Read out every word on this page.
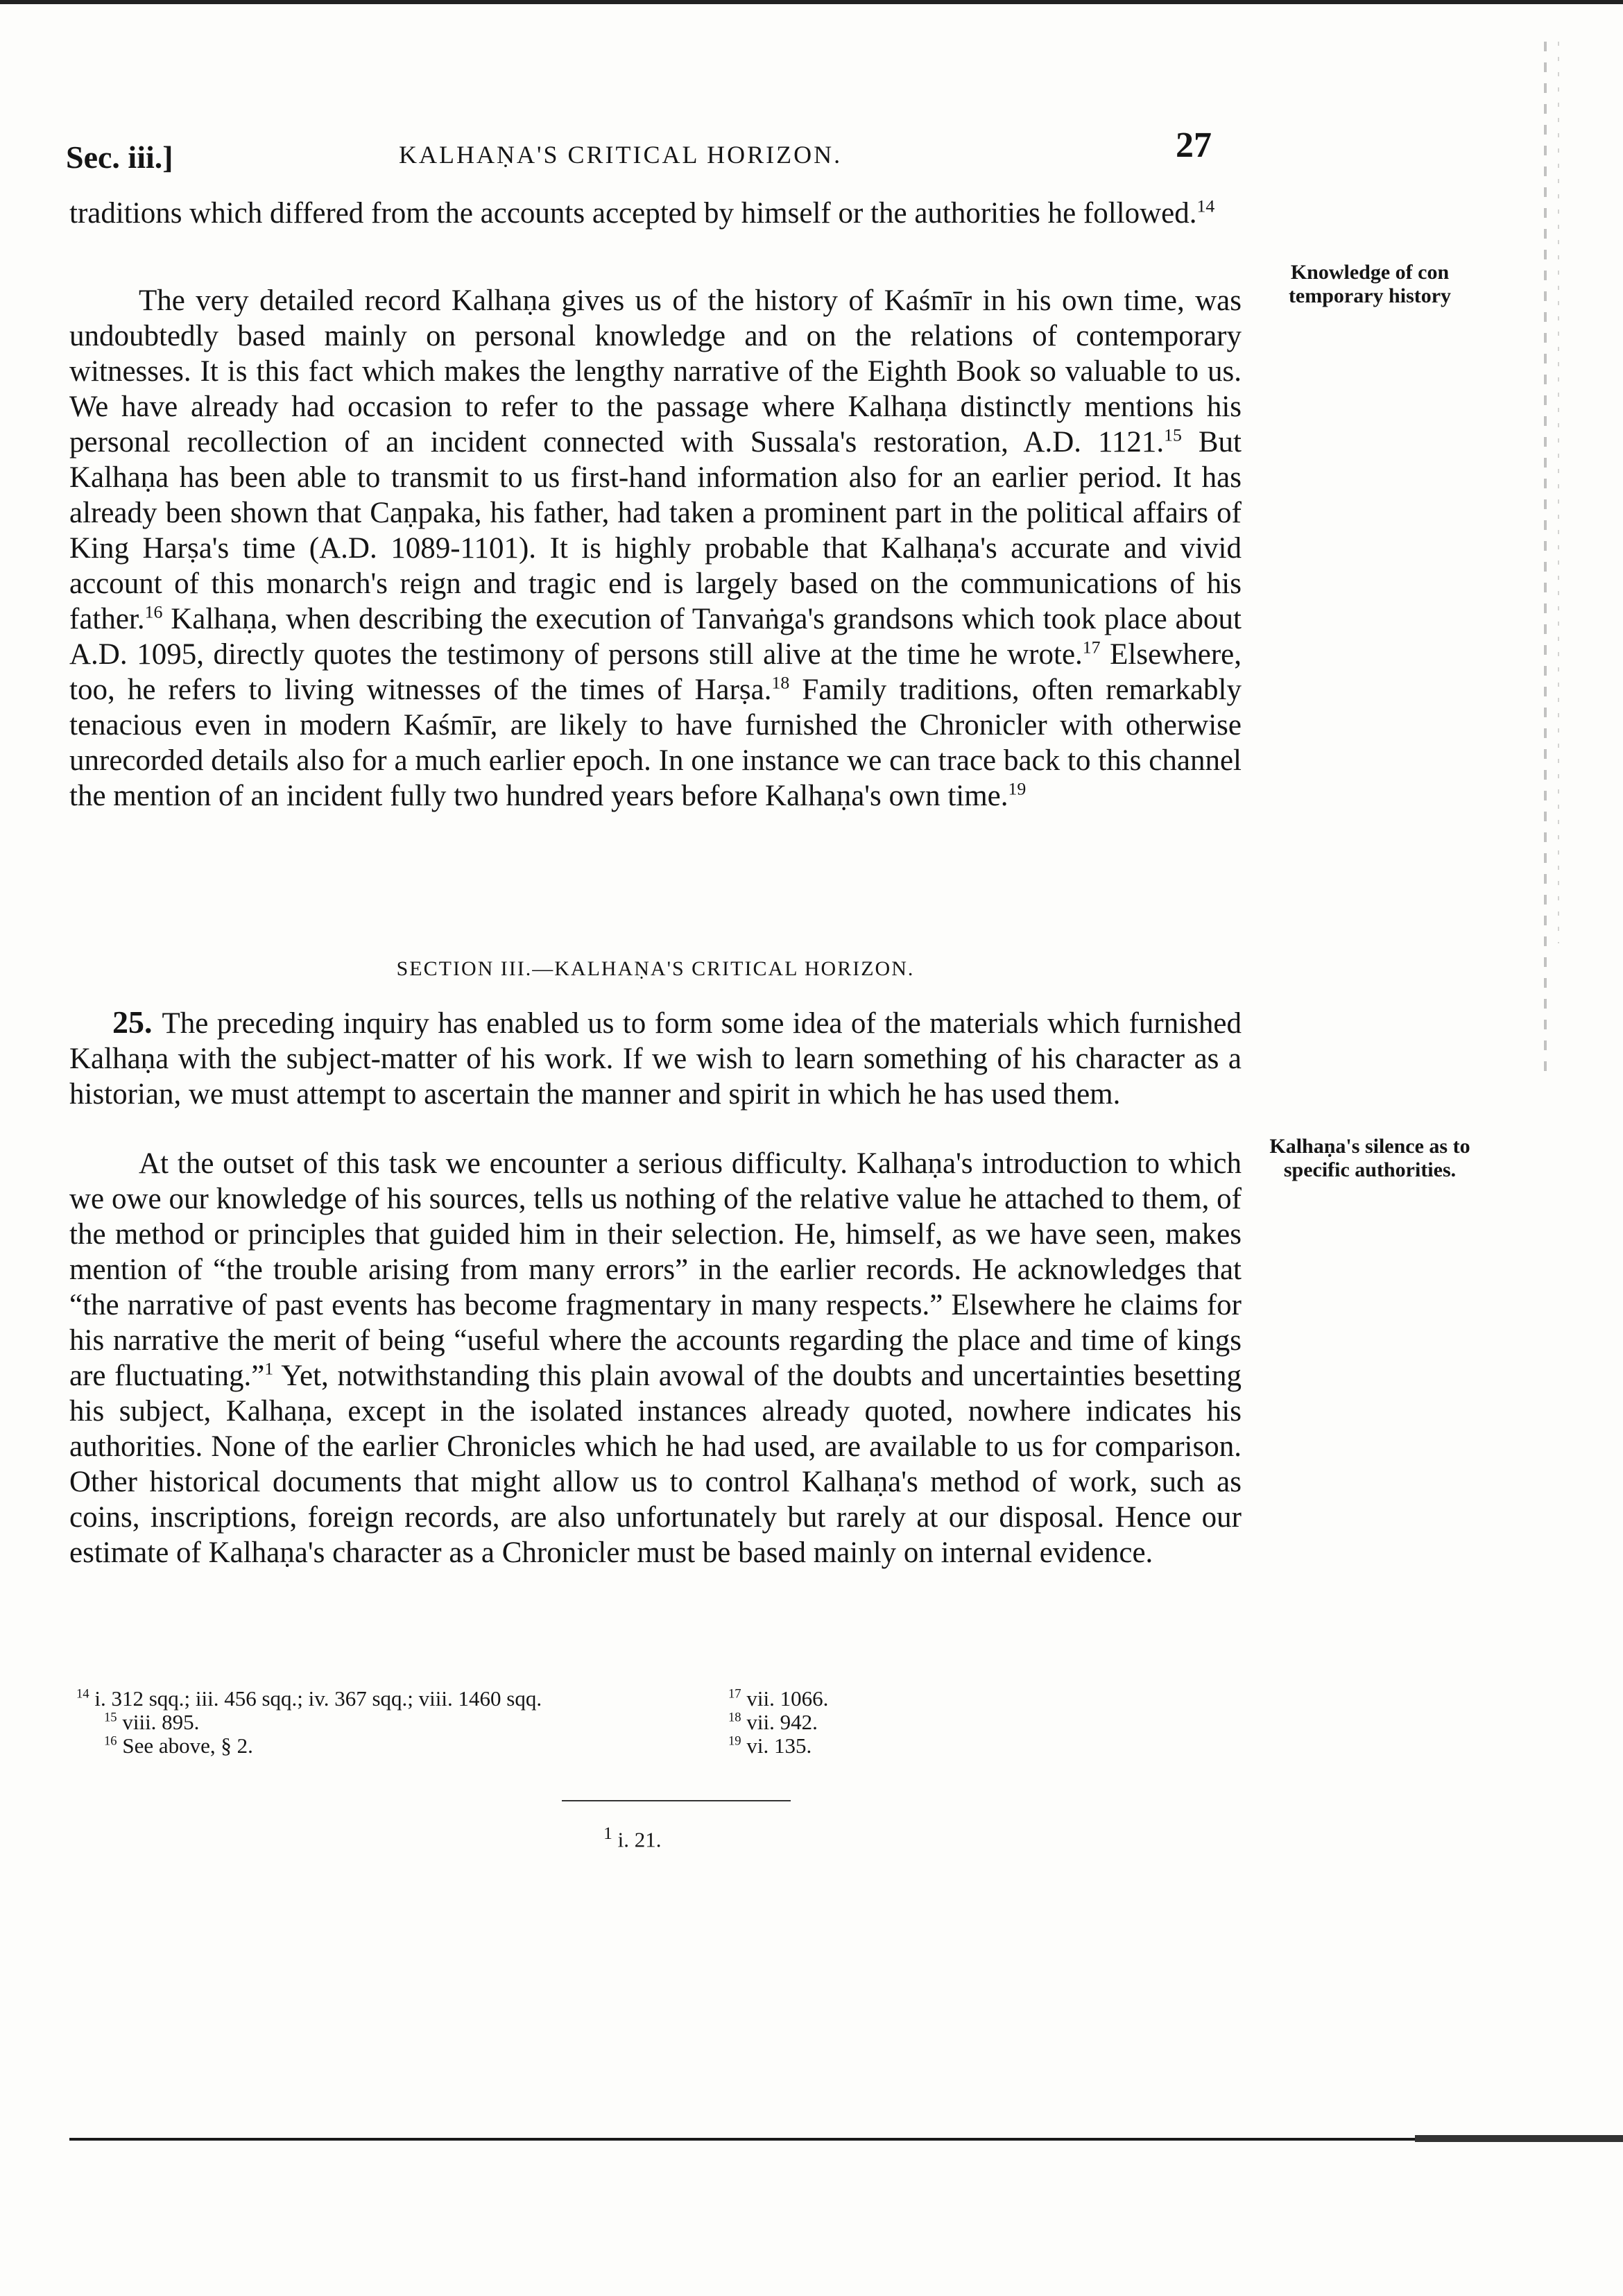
Sec. iii.]	KALHAṆA'S CRITICAL HORIZON.	27

traditions which differed from the accounts accepted by himself or the authorities he followed.$^{14}$

The very detailed record Kalhaṇa gives us of the history of Kaśmīr in his own time, was undoubtedly based mainly on personal knowledge and on the relations of contemporary witnesses. It is this fact which makes the lengthy narrative of the Eighth Book so valuable to us. We have already had occasion to refer to the passage where Kalhaṇa distinctly mentions his personal recollection of an incident connected with Sussala's restoration, A.D. 1121.15 But Kalhaṇa has been able to transmit to us first-hand information also for an earlier period. It has already been shown that Caṇpaka, his father, had taken a prominent part in the political affairs of King Harṣa's time (A.D. 1089-1101). It is highly probable that Kalhaṇa's accurate and vivid account of this monarch's reign and tragic end is largely based on the communications of his father.$^{16}$ Kalhaṇa, when describing the execution of Tanvaṅga's grandsons which took place about A.D. 1095, directly quotes the testimony of persons still alive at the time he wrote.$^{17}$ Elsewhere, too, he refers to living witnesses of the times of Harṣa.$^{18}$ Family traditions, often remarkably tenacious even in modern Kaśmīr, are likely to have furnished the Chronicler with otherwise unrecorded details also for a much earlier epoch. In one instance we can trace back to this channel the mention of an incident fully two hundred years before Kalhaṇa's own time.$^{19}$

Knowledge of con temporary history
SECTION III.—KALHAṆA'S CRITICAL HORIZON.

25. The preceding inquiry has enabled us to form some idea of the materials which furnished Kalhaṇa with the subject-matter of his work. If we wish to learn something of his character as a historian, we must attempt to ascertain the manner and spirit in which he has used them.

At the outset of this task we encounter a serious difficulty. Kalhaṇa's introduction to which we owe our knowledge of his sources, tells us nothing of the relative value he attached to them, of the method or principles that guided him in their selection. He, himself, as we have seen, makes mention of “the trouble arising from many errors” in the earlier records. He acknowledges that “the narrative of past events has become fragmentary in many respects.” Elsewhere he claims for his narrative the merit of being “useful where the accounts regarding the place and time of kings are fluctuating.”$^1$ Yet, notwithstanding this plain avowal of the doubts and uncertainties besetting his subject, Kalhaṇa, except in the isolated instances already quoted, nowhere indicates his authorities. None of the earlier Chronicles which he had used, are available to us for comparison. Other historical documents that might allow us to control Kalhaṇa's method of work, such as coins, inscriptions, foreign records, are also unfortunately but rarely at our disposal. Hence our estimate of Kalhaṇa's character as a Chronicler must be based mainly on internal evidence.

Kalhaṇa's silence as to specific authorities.

$^{14}$ i. 312 sqq.; iii. 456 sqq.; iv. 367 sqq.; viii. 1460 sqq.

$^{15}$ viii. 895.

$^{16}$ See above, § 2.

$^{17}$ vii. 1066.

$^{18}$ vii. 942.

$^{19}$ vi. 135.

$^1$ i. 21.
